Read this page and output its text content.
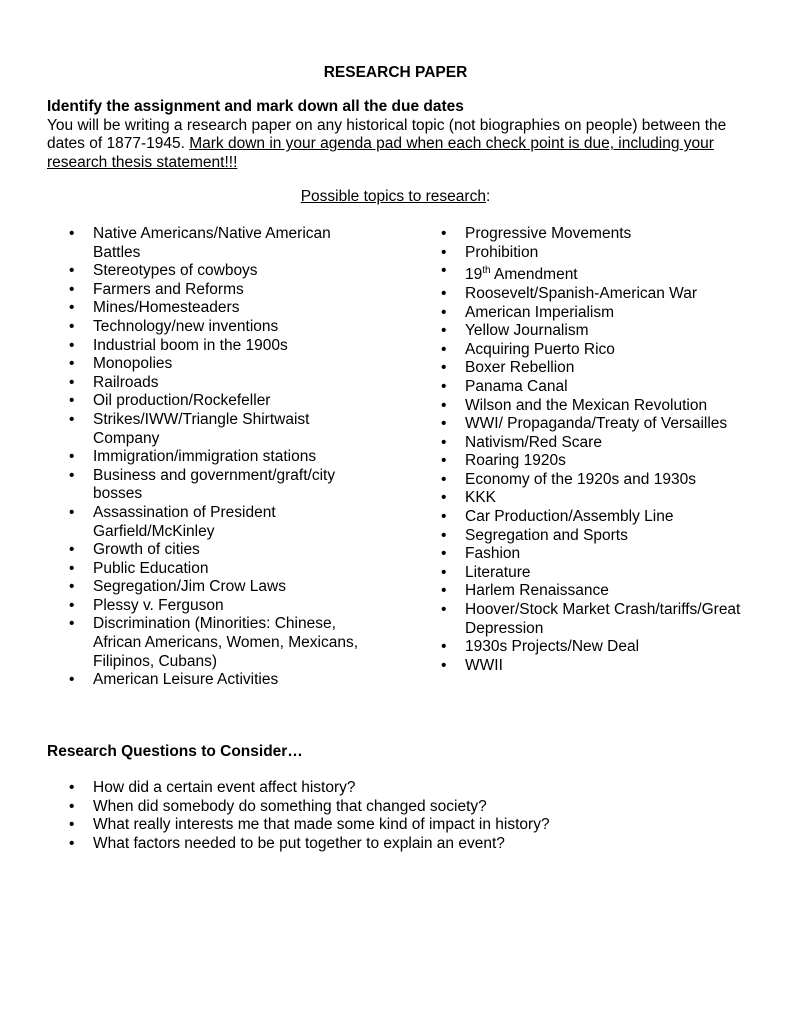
RESEARCH PAPER
Identify the assignment and mark down all the due dates
You will be writing a research paper on any historical topic (not biographies on people) between the dates of 1877-1945. Mark down in your agenda pad when each check point is due, including your research thesis statement!!!
Possible topics to research:
• Native Americans/Native American Battles
• Stereotypes of cowboys
• Farmers and Reforms
• Mines/Homesteaders
• Technology/new inventions
• Industrial boom in the 1900s
• Monopolies
• Railroads
• Oil production/Rockefeller
• Strikes/IWW/Triangle Shirtwaist Company
• Immigration/immigration stations
• Business and government/graft/city bosses
• Assassination of President Garfield/McKinley
• Growth of cities
• Public Education
• Segregation/Jim Crow Laws
• Plessy v. Ferguson
• Discrimination (Minorities: Chinese, African Americans, Women, Mexicans, Filipinos, Cubans)
• American Leisure Activities
• Progressive Movements
• Prohibition
• 19th Amendment
• Roosevelt/Spanish-American War
• American Imperialism
• Yellow Journalism
• Acquiring Puerto Rico
• Boxer Rebellion
• Panama Canal
• Wilson and the Mexican Revolution
• WWI/ Propaganda/Treaty of Versailles
• Nativism/Red Scare
• Roaring 1920s
• Economy of the 1920s and 1930s
• KKK
• Car Production/Assembly Line
• Segregation and Sports
• Fashion
• Literature
• Harlem Renaissance
• Hoover/Stock Market Crash/tariffs/Great Depression
• 1930s Projects/New Deal
• WWII
Research Questions to Consider…
• How did a certain event affect history?
• When did somebody do something that changed society?
• What really interests me that made some kind of impact in history?
• What factors needed to be put together to explain an event?
